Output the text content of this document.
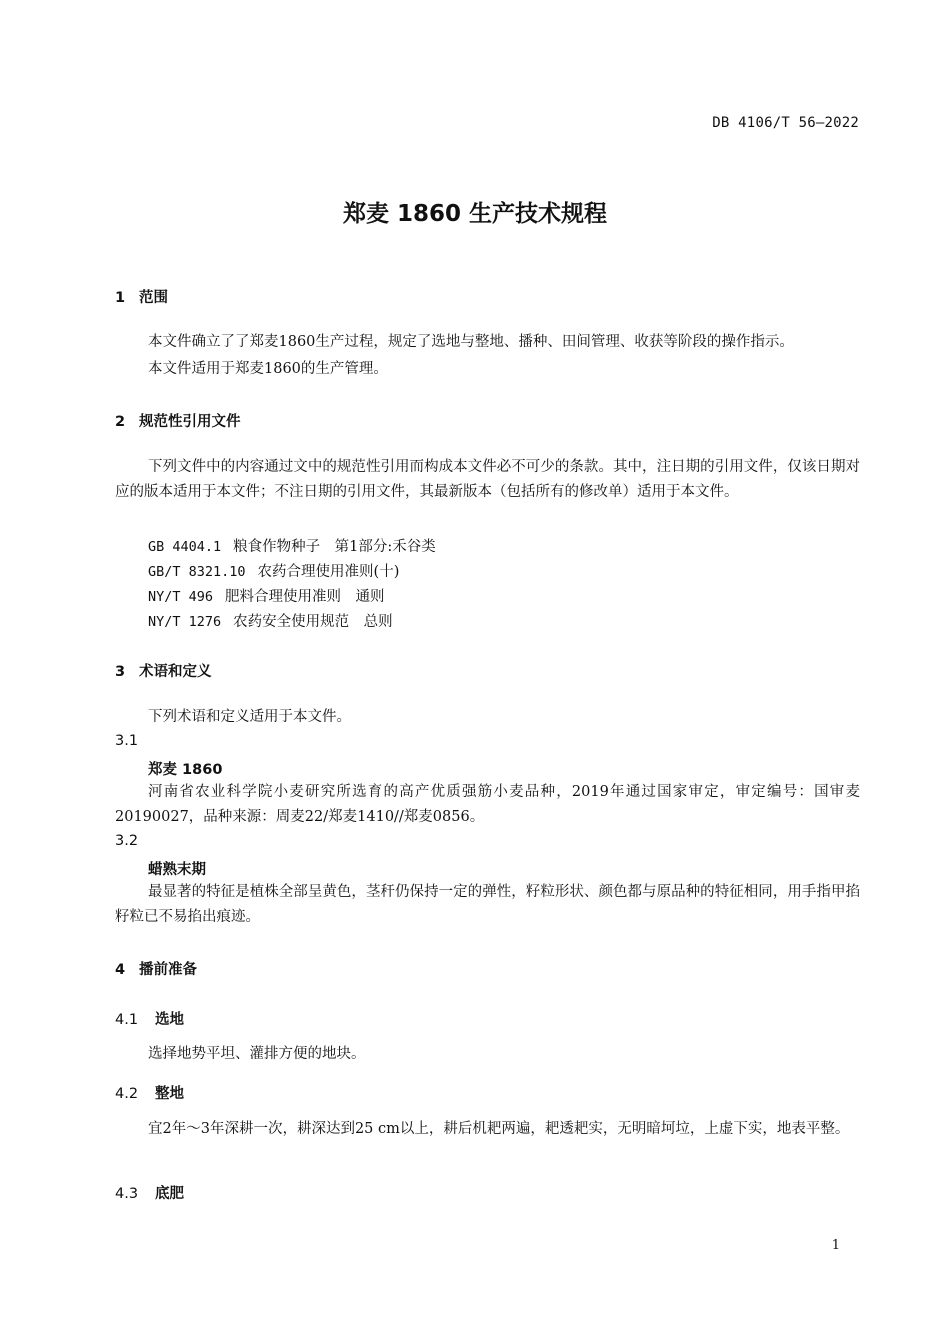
DB 4106/T 56—2022
郑麦 1860 生产技术规程
1 范围
本文件确立了了郑麦1860生产过程，规定了选地与整地、播种、田间管理、收获等阶段的操作指示。
本文件适用于郑麦1860的生产管理。
2 规范性引用文件
下列文件中的内容通过文中的规范性引用而构成本文件必不可少的条款。其中，注日期的引用文件，仅该日期对应的版本适用于本文件；不注日期的引用文件，其最新版本（包括所有的修改单）适用于本文件。
GB 4404.1 粮食作物种子　第1部分:禾谷类
GB/T 8321.10 农药合理使用准则(十)
NY/T 496 肥料合理使用准则　通则
NY/T 1276 农药安全使用规范　总则
3 术语和定义
下列术语和定义适用于本文件。
3.1
郑麦 1860
河南省农业科学院小麦研究所选育的高产优质强筋小麦品种，2019年通过国家审定，审定编号：国审麦20190027，品种来源：周麦22/郑麦1410//郑麦0856。
3.2
蜡熟末期
最显著的特征是植株全部呈黄色，茎秆仍保持一定的弹性，籽粒形状、颜色都与原品种的特征相同，用手指甲掐籽粒已不易掐出痕迹。
4 播前准备
4.1 选地
选择地势平坦、灌排方便的地块。
4.2 整地
宜2年～3年深耕一次，耕深达到25 cm以上，耕后机耙两遍，耙透耙实，无明暗坷垃，上虚下实，地表平整。
4.3 底肥
1
